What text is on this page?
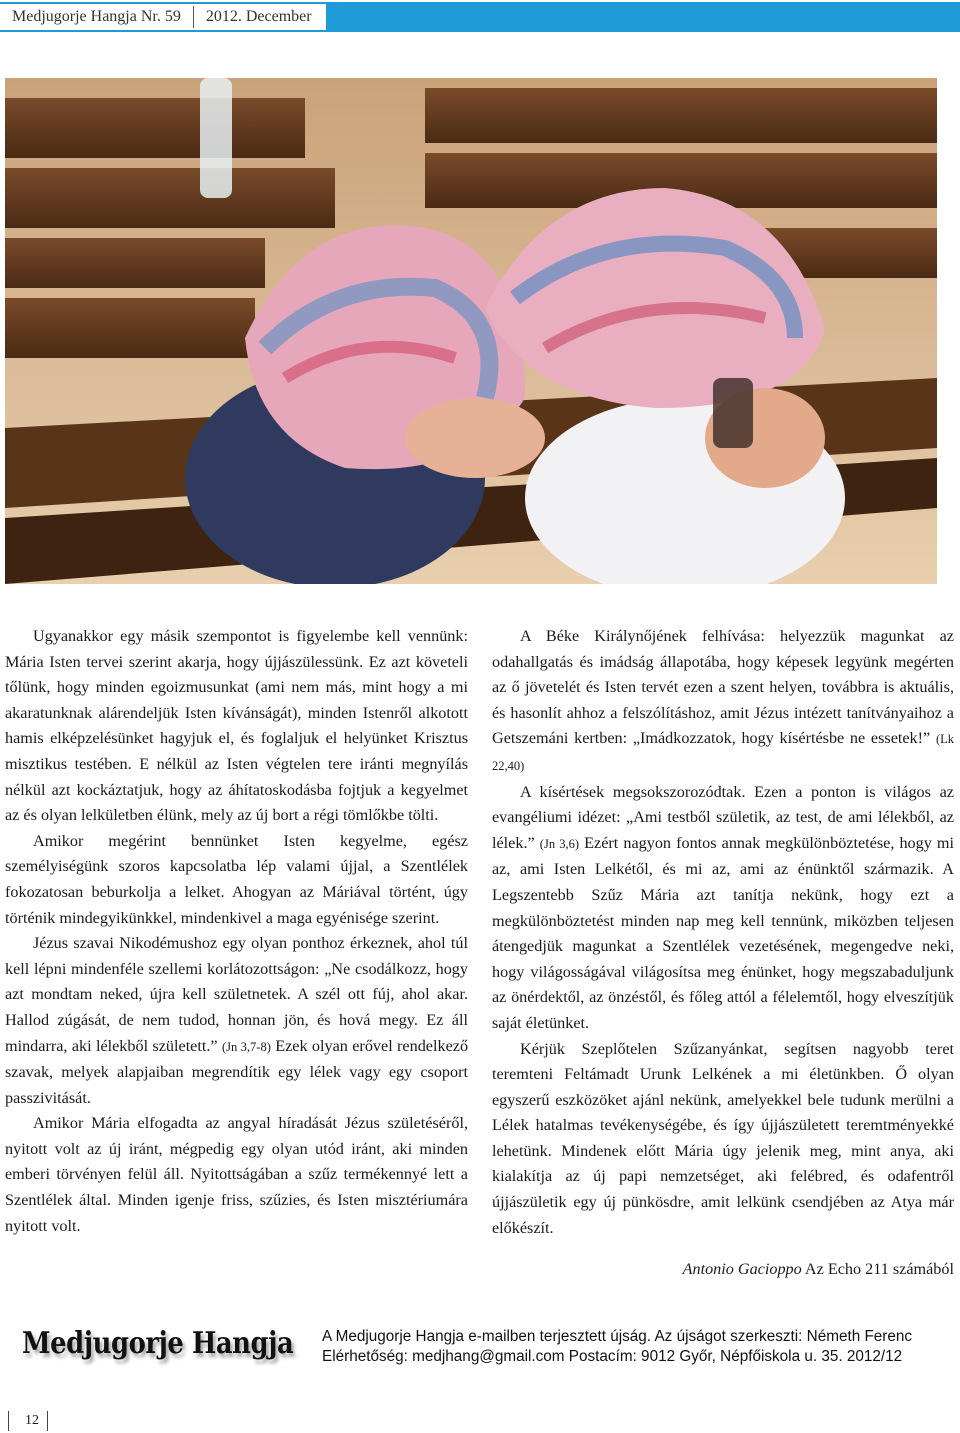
Medjugorje Hangja
Nr. 59 2012. December

Ugyanakkor egy másik szempontot is figyelembe kell vennünk: Mária Isten tervei szerint akarja, hogy újjászülessünk. Ez azt követeli tőlünk, hogy minden egoizmusunkat (ami nem más, mint hogy a mi akaratunknak alárendeljük Isten kívánságát), minden Istenről alkotott hamis elképzelésünket hagyjuk el, és foglaljuk el helyünket Krisztus misztikus testében. E nélkül az Isten végtelen tere iránti megnyílás nélkül azt kockáztatjuk, hogy az áhítatoskodásba fojtjuk a kegyelmet az és olyan lelkületben élünk, mely az új bort a régi tömlőkbe tölti.

Amikor megérint bennünket Isten kegyelme, egész személyiségünk szoros kapcsolatba lép valami újjal, a Szentlélek fokozatosan beburkolja a lelket. Ahogyan az Máriával történt, úgy történik mindegyikünkkel, mindenkivel a maga egyénisége szerint.

Jézus szavai Nikodémushoz egy olyan ponthoz érkeznek, ahol túl kell lépni mindenféle szellemi korlátozottságon: „Ne csodálkozz, hogy azt mondtam neked, újra kell születnetek. A szél ott fúj, ahol akar. Hallod zúgását, de nem tudod, honnan jön, és hová megy. Ez áll mindarra, aki lélekből született.” (Jn 3,7-8) Ezek olyan erővel rendelkező szavak, melyek alapjaiban megrendítik egy lélek vagy egy csoport passzivitását.

Amikor Mária elfogadta az angyal híradását Jézus születéséről, nyitott volt az új iránt, mégpedig egy olyan utód iránt, aki minden emberi törvényen felül áll. Nyitottságában a szűz termékennyé lett a Szentlélek által. Minden igenje friss, szűzies, és Isten misztériumára nyitott volt.

A Béke Királynőjének felhívása: helyezzük magunkat az odahallgatás és imádság állapotába, hogy képesek legyünk megérten az ő jövetelét és Isten tervét ezen a szent helyen, továbbra is aktuális, és hasonlít ahhoz a felszólításhoz, amit Jézus intézett tanítványaihoz a Getszemáni kertben: „Imádkozzatok, hogy kísértésbe ne essetek!” (Lk 22,40)

A kísértések megsokszorozódtak. Ezen a ponton is világos az evangéliumi idézet: „Ami testből születik, az test, de ami lélekből, az lélek.” (Jn 3,6) Ezért nagyon fontos annak megkülönböztetése, hogy mi az, ami Isten Lelkétől, és mi az, ami az énünktől származik. A Legszentebb Szűz Mária azt tanítja nekünk, hogy ezt a megkülönböztetést minden nap meg kell tennünk, miközben teljesen átengedjük magunkat a Szentlélek vezetésének, megengedve neki, hogy világosságával világosítsa meg énünket, hogy megszabaduljunk az önérdektől, az önzéstől, és főleg attól a félelemtől, hogy elveszítjük saját életünket.

Kérjük Szeplőtelen Szűzanyánkat, segítsen nagyobb teret teremteni Feltámadt Urunk Lelkének a mi életünkben. Ő olyan egyszerű eszközöket ajánl nekünk, amelyekkel bele tudunk merülni a Lélek hatalmas tevékenységébe, és így újjászületett teremtményekké lehetünk. Mindenek előtt Mária úgy jelenik meg, mint anya, aki kialakítja az új papi nemzetséget, aki felébred, és odafentről újjászületik egy új pünkösdre, amit lelkünk csendjében az Atya már előkészít.

Antonio Gacioppo Az Echo 211 számából

Medjugorje Hangja A Medjugorje Hangja e-mailben terjesztett újság. Az újságot szerkeszti: Németh Ferenc
Elérhetőség: medjhang@gmail.com Postacím: 9012 Győr, Népfőiskola u. 35. 2012/12
12
